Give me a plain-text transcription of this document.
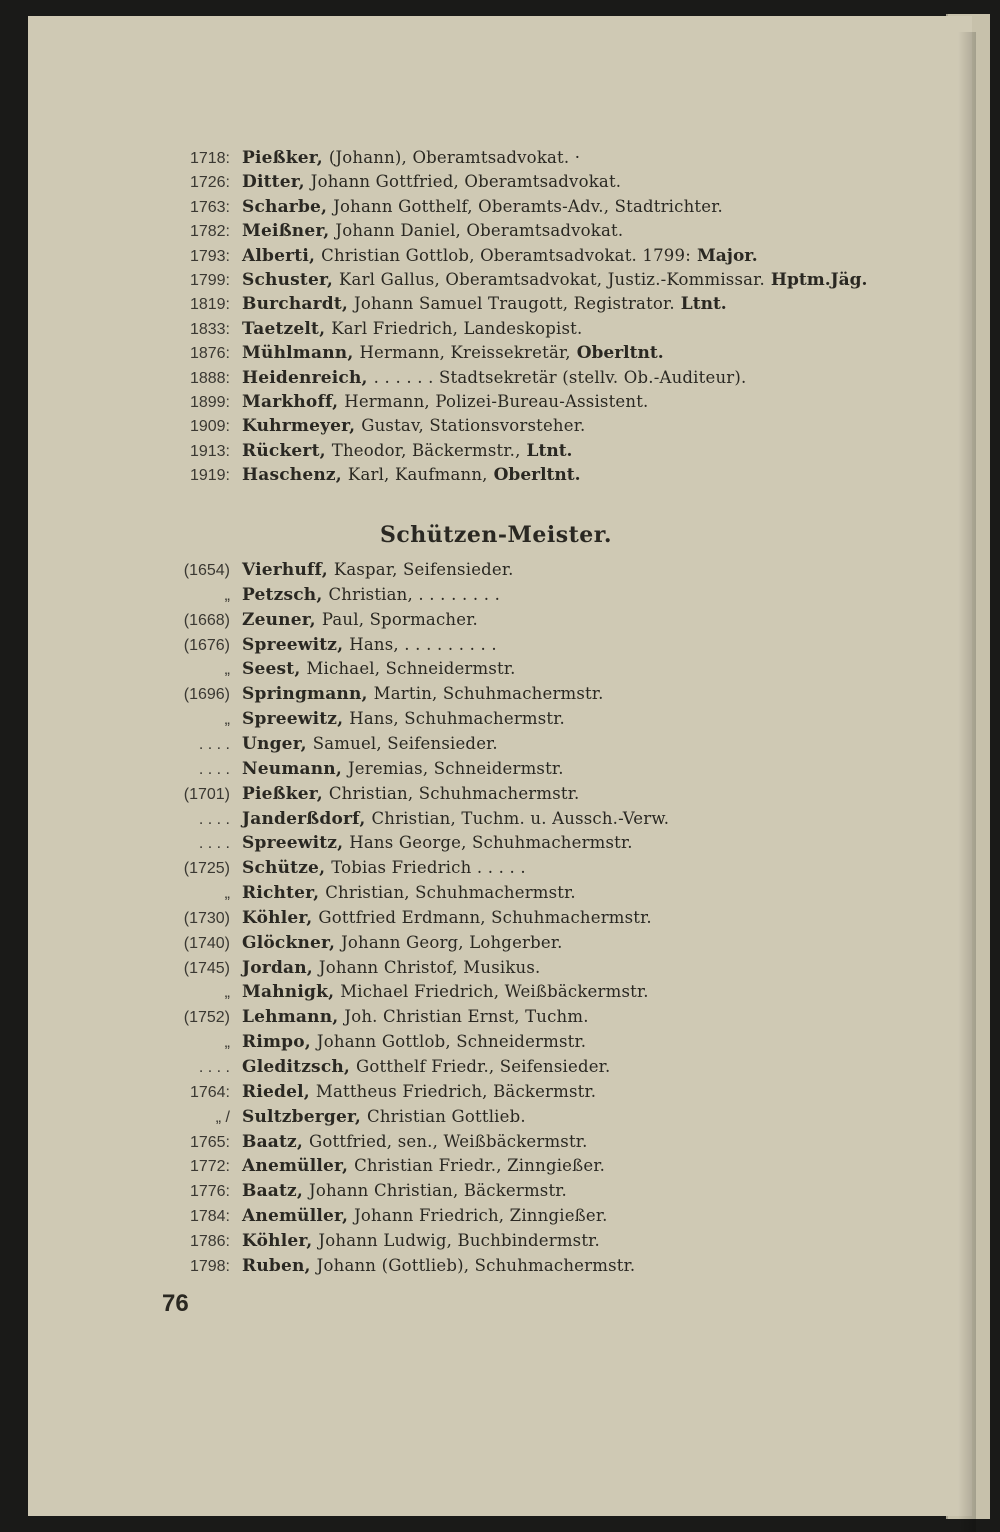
1718: Pießker, (Johann), Oberamtsadvokat. ·
1726: Ditter, Johann Gottfried, Oberamtsadvokat.
1763: Scharbe, Johann Gotthelf, Oberamts-Adv., Stadtrichter.
1782: Meißner, Johann Daniel, Oberamtsadvokat.
1793: Alberti, Christian Gottlob, Oberamtsadvokat. 1799: Major.
1799: Schuster, Karl Gallus, Oberamtsadvokat, Justiz.-Kommissar. Hptm.Jäg.
1819: Burchardt, Johann Samuel Traugott, Registrator. Ltnt.
1833: Taetzelt, Karl Friedrich, Landeskopist.
1876: Mühlmann, Hermann, Kreissekretär, Oberltnt.
1888: Heidenreich, . . . . . . Stadtsekretär (stellv. Ob.-Auditeur).
1899: Markhoff, Hermann, Polizei-Bureau-Assistent.
1909: Kuhrmeyer, Gustav, Stationsvorsteher.
1913: Rückert, Theodor, Bäckermstr., Ltnt.
1919: Haschenz, Karl, Kaufmann, Oberltnt.
Schützen-Meister.
(1654) Vierhuff, Kaspar, Seifensieder.
„ Petzsch, Christian, . . . . . . . .
(1668) Zeuner, Paul, Spormacher.
(1676) Spreewitz, Hans, . . . . . . . . .
„ Seest, Michael, Schneidermstr.
(1696) Springmann, Martin, Schuhmachermstr.
„ Spreewitz, Hans, Schuhmachermstr.
. . . . Unger, Samuel, Seifensieder.
. . . . Neumann, Jeremias, Schneidermstr.
(1701) Pießker, Christian, Schuhmachermstr.
. . . . Janderßdorf, Christian, Tuchm. u. Aussch.-Verw.
. . . . Spreewitz, Hans George, Schuhmachermstr.
(1725) Schütze, Tobias Friedrich . . . . .
„ Richter, Christian, Schuhmachermstr.
(1730) Köhler, Gottfried Erdmann, Schuhmachermstr.
(1740) Glöckner, Johann Georg, Lohgerber.
(1745) Jordan, Johann Christof, Musikus.
„ Mahnigk, Michael Friedrich, Weißbäckermstr.
(1752) Lehmann, Joh. Christian Ernst, Tuchm.
„ Rimpo, Johann Gottlob, Schneidermstr.
. . . . Gleditzsch, Gotthelf Friedr., Seifensieder.
1764: Riedel, Mattheus Friedrich, Bäckermstr.
„ / Sultzberger, Christian Gottlieb.
1765: Baatz, Gottfried, sen., Weißbäckermstr.
1772: Anemüller, Christian Friedr., Zinngießer.
1776: Baatz, Johann Christian, Bäckermstr.
1784: Anemüller, Johann Friedrich, Zinngießer.
1786: Köhler, Johann Ludwig, Buchbindermstr.
1798: Ruben, Johann (Gottlieb), Schuhmachermstr.
76
